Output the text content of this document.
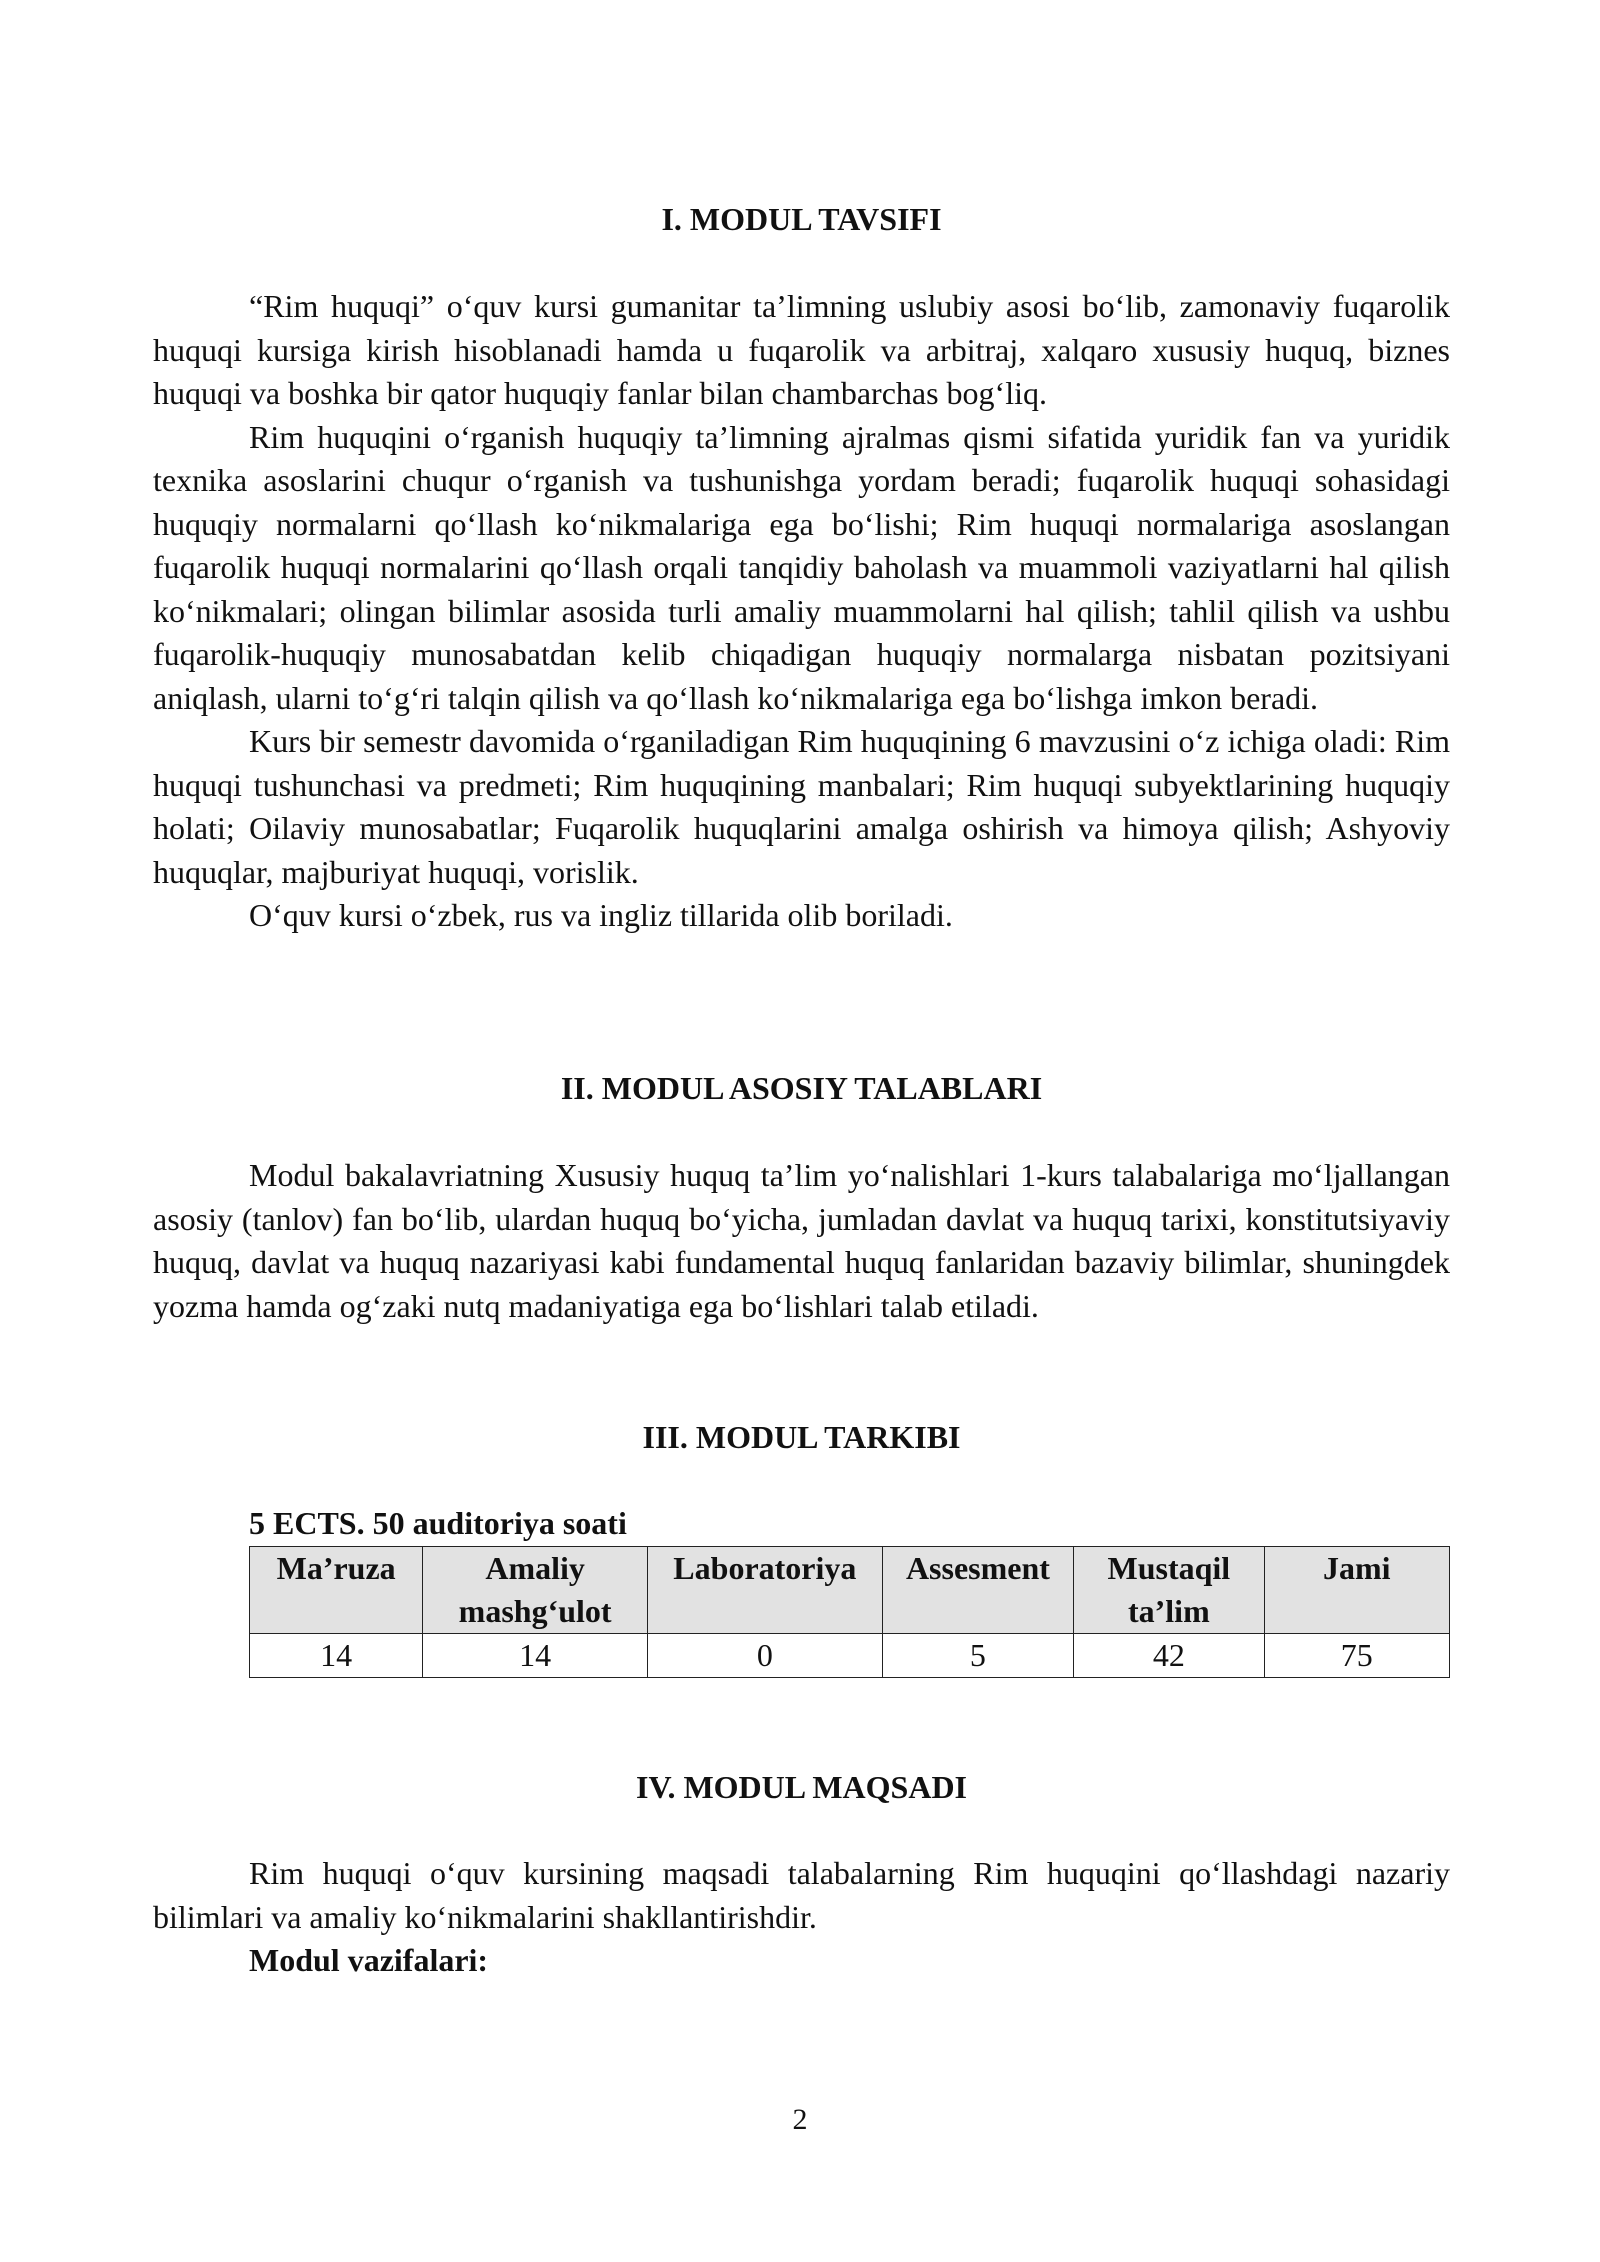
I. MODUL TAVSIFI

“Rim huquqi” o‘quv kursi gumanitar ta’limning uslubiy asosi bo‘lib, zamonaviy fuqarolik huquqi kursiga kirish hisoblanadi hamda u fuqarolik va arbitraj, xalqaro xususiy huquq, biznes huquqi va boshka bir qator huquqiy fanlar bilan chambarchas bog‘liq.

Rim huquqini o‘rganish huquqiy ta’limning ajralmas qismi sifatida yuridik fan va yuridik texnika asoslarini chuqur o‘rganish va tushunishga yordam beradi; fuqarolik huquqi sohasidagi huquqiy normalarni qo‘llash ko‘nikmalariga ega bo‘lishi; Rim huquqi normalariga asoslangan fuqarolik huquqi normalarini qo‘llash orqali tanqidiy baholash va muammoli vaziyatlarni hal qilish ko‘nikmalari; olingan bilimlar asosida turli amaliy muammolarni hal qilish; tahlil qilish va ushbu fuqarolik-huquqiy munosabatdan kelib chiqadigan huquqiy normalarga nisbatan pozitsiyani aniqlash, ularni to‘g‘ri talqin qilish va qo‘llash ko‘nikmalariga ega bo‘lishga imkon beradi.

Kurs bir semestr davomida o‘rganiladigan Rim huquqining 6 mavzusini o‘z ichiga oladi: Rim huquqi tushunchasi va predmeti; Rim huquqining manbalari; Rim huquqi subyektlarining huquqiy holati; Oilaviy munosabatlar; Fuqarolik huquqlarini amalga oshirish va himoya qilish; Ashyoviy huquqlar, majburiyat huquqi, vorislik.

O‘quv kursi o‘zbek, rus va ingliz tillarida olib boriladi.

II. MODUL ASOSIY TALABLARI

Modul bakalavriatning Xususiy huquq ta’lim yo‘nalishlari 1-kurs talabalariga mo‘ljallangan asosiy (tanlov) fan bo‘lib, ulardan huquq bo‘yicha, jumladan davlat va huquq tarixi, konstitutsiyaviy huquq, davlat va huquq nazariyasi kabi fundamental huquq fanlaridan bazaviy bilimlar, shuningdek yozma hamda og‘zaki nutq madaniyatiga ega bo‘lishlari talab etiladi.

III. MODUL TARKIBI
5 ECTS. 50 auditoriya soati
Ma’ruza	Amaliy mashg‘ulot	Laboratoriya	Assesment	Mustaqil ta’lim	Jami
14	14	0	5	42	75
IV. MODUL MAQSADI

Rim huquqi o‘quv kursining maqsadi talabalarning Rim huquqini qo‘llashdagi nazariy bilimlari va amaliy ko‘nikmalarini shakllantirishdir.

Modul vazifalari:
2
